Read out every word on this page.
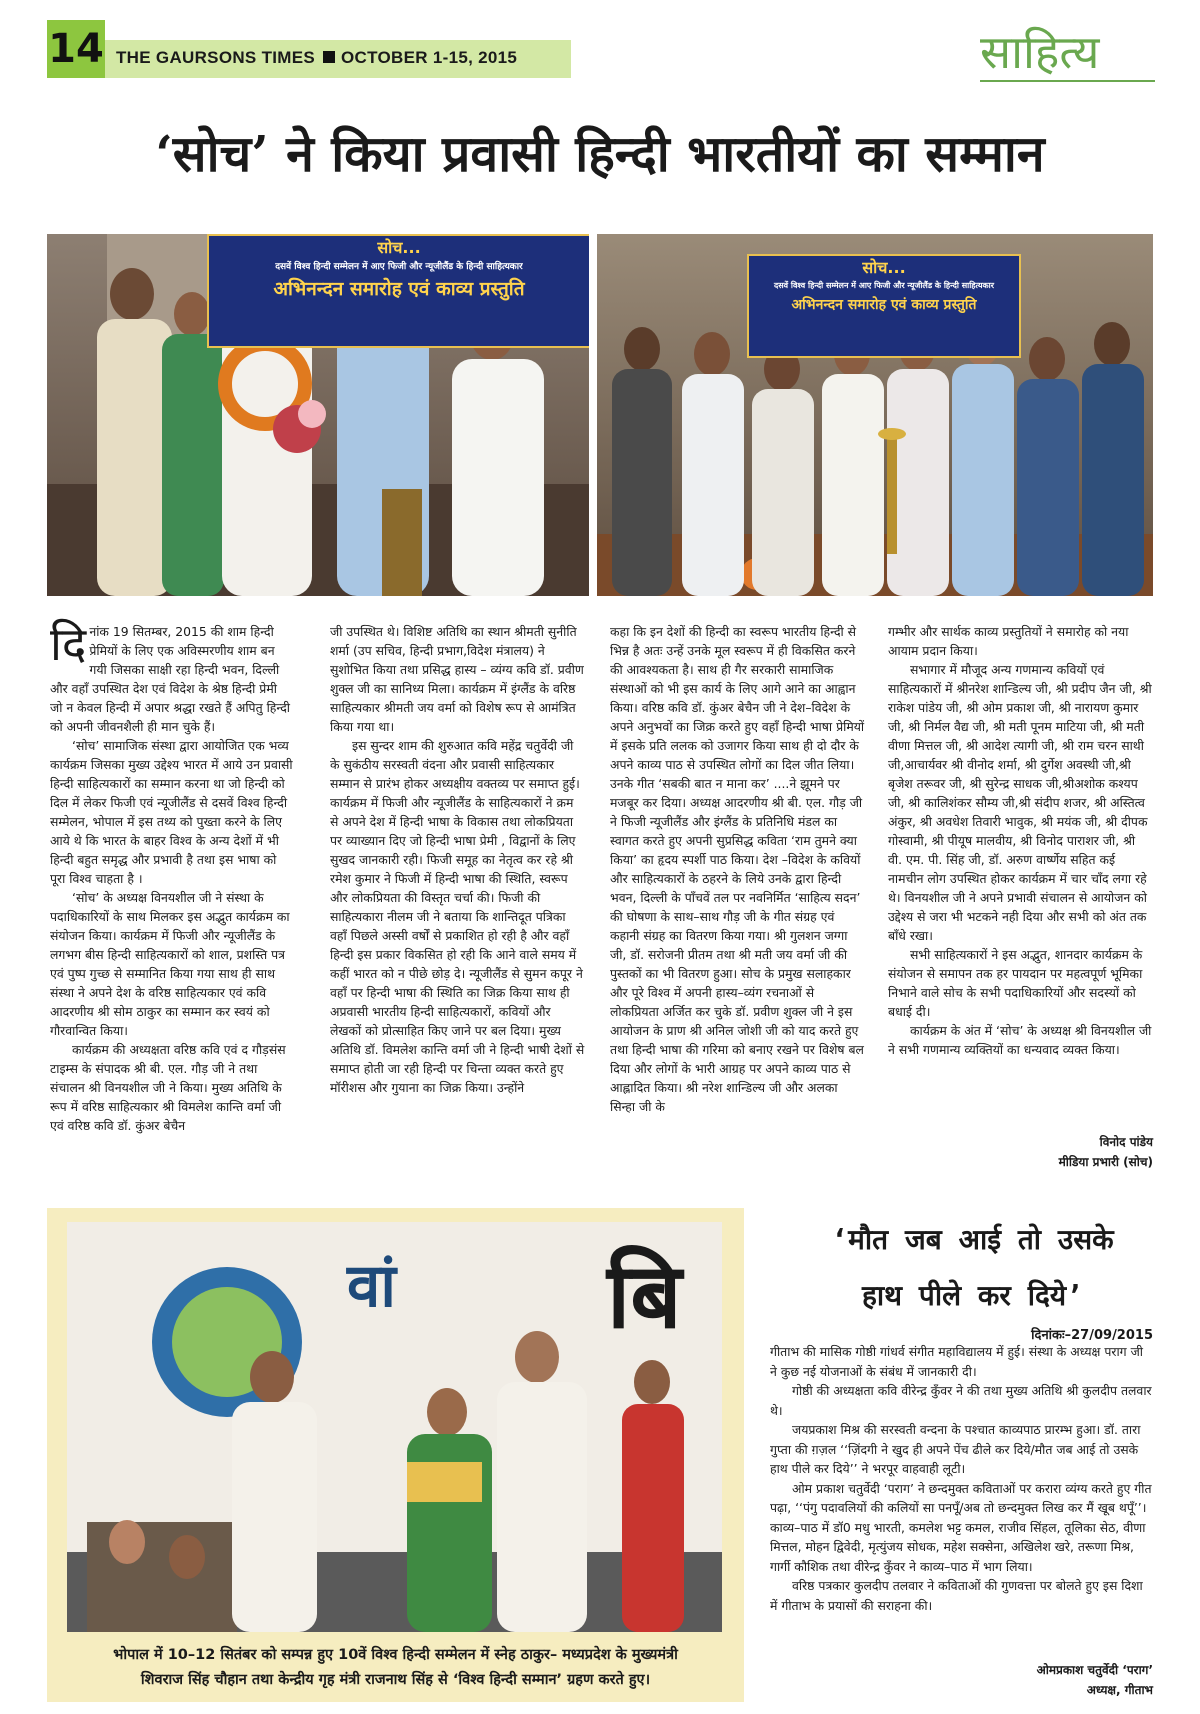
14 THE GAURSONS TIMES OCTOBER 1-15, 2015	साहित्य
‘सोच’ ने किया प्रवासी हिन्दी भारतीयों का सम्मान
सोच...
दसवें विश्व हिन्दी सम्मेलन में आए फिजी और न्यूजीलैंड के हिन्दी साहित्यकार
अभिनन्दन समारोह एवं काव्य प्रस्तुति
सोच...
दसवें विश्व हिन्दी सम्मेलन में आए फिजी और न्यूजीलैंड के हिन्दी साहित्यकार
अभिनन्दन समारोह एवं काव्य प्रस्तुति
दि नांक 19 सितम्बर, 2015 की शाम हिन्दी प्रेमियों के लिए एक अविस्मरणीय शाम बन गयी जिसका साक्षी रहा हिन्दी भवन, दिल्ली और वहाँ उपस्थित देश एवं विदेश के श्रेष्ठ हिन्दी प्रेमी जो न केवल हिन्दी में अपार श्रद्धा रखते हैं अपितु हिन्दी को अपनी जीवनशैली ही मान चुके हैं।

‘सोच’ सामाजिक संस्था द्वारा आयोजित एक भव्य कार्यक्रम जिसका मुख्य उद्देश्य भारत में आये उन प्रवासी हिन्दी साहित्यकारों का सम्मान करना था जो हिन्दी को दिल में लेकर फिजी एवं न्यूजीलैंड से दसवें विश्व हिन्दी सम्मेलन, भोपाल में इस तथ्य को पुख्ता करने के लिए आये थे कि भारत के बाहर विश्व के अन्य देशों में भी हिन्दी बहुत समृद्ध और प्रभावी है तथा इस भाषा को पूरा विश्व चाहता है ।

‘सोच’ के अध्यक्ष विनयशील जी ने संस्था के पदाधिकारियों के साथ मिलकर इस अद्भुत कार्यक्रम का संयोजन किया। कार्यक्रम में फिजी और न्यूजीलैंड के लगभग बीस हिन्दी साहित्यकारों को शाल, प्रशस्ति पत्र एवं पुष्प गुच्छ से सम्मानित किया गया साथ ही साथ संस्था ने अपने देश के वरिष्ठ साहित्यकार एवं कवि आदरणीय श्री सोम ठाकुर का सम्मान कर स्वयं को गौरवान्वित किया।

कार्यक्रम की अध्यक्षता वरिष्ठ कवि एवं द गौड़संस टाइम्स के संपादक श्री बी. एल. गौड़ जी ने तथा संचालन श्री विनयशील जी ने किया। मुख्य अतिथि के रूप में वरिष्ठ साहित्यकार श्री विमलेश कान्ति वर्मा जी एवं वरिष्ठ कवि डॉ. कुंअर बेचैन

जी उपस्थित थे। विशिष्ट अतिथि का स्थान श्रीमती सुनीति शर्मा (उप सचिव, हिन्दी प्रभाग,विदेश मंत्रालय) ने सुशोभित किया तथा प्रसिद्ध हास्य – व्यंग्य कवि डॉ. प्रवीण शुक्ल जी का सानिध्य मिला। कार्यक्रम में इंग्लैंड के वरिष्ठ साहित्यकार श्रीमती जय वर्मा को विशेष रूप से आमंत्रित किया गया था।

इस सुन्दर शाम की शुरुआत कवि महेंद्र चतुर्वेदी जी के सुकंठीय सरस्वती वंदना और प्रवासी साहित्यकार सम्मान से प्रारंभ होकर अध्यक्षीय वक्तव्य पर समाप्त हुई। कार्यक्रम में फिजी और न्यूजीलैंड के साहित्यकारों ने क्रम से अपने देश में हिन्दी भाषा के विकास तथा लोकप्रियता पर व्याख्यान दिए जो हिन्दी भाषा प्रेमी , विद्वानों के लिए सुखद जानकारी रही। फिजी समूह का नेतृत्व कर रहे श्री रमेश कुमार ने फिजी में हिन्दी भाषा की स्थिति, स्वरूप और लोकप्रियता की विस्तृत चर्चा की। फिजी की साहित्यकारा नीलम जी ने बताया कि शान्तिदूत पत्रिका वहाँ पिछले अस्सी वर्षों से प्रकाशित हो रही है और वहाँ हिन्दी इस प्रकार विकसित हो रही कि आने वाले समय में कहीं भारत को न पीछे छोड़ दे। न्यूजीलैंड से सुमन कपूर ने वहाँ पर हिन्दी भाषा की स्थिति का जिक्र किया साथ ही अप्रवासी भारतीय हिन्दी साहित्यकारों, कवियों और लेखकों को प्रोत्साहित किए जाने पर बल दिया। मुख्य अतिथि डॉ. विमलेश कान्ति वर्मा जी ने हिन्दी भाषी देशों से समाप्त होती जा रही हिन्दी पर चिन्ता व्यक्त करते हुए मॉरीशस और गुयाना का जिक्र किया। उन्होंने

कहा कि इन देशों की हिन्दी का स्वरूप भारतीय हिन्दी से भिन्न है अतः उन्हें उनके मूल स्वरूप में ही विकसित करने की आवश्यकता है। साथ ही गैर सरकारी सामाजिक संस्थाओं को भी इस कार्य के लिए आगे आने का आह्वान किया। वरिष्ठ कवि डॉ. कुंअर बेचैन जी ने देश–विदेश के अपने अनुभवों का जिक्र करते हुए वहाँ हिन्दी भाषा प्रेमियों में इसके प्रति ललक को उजागर किया साथ ही दो दौर के अपने काव्य पाठ से उपस्थित लोगों का दिल जीत लिया। उनके गीत ‘सबकी बात न माना कर’ ....ने झूमने पर मजबूर कर दिया। अध्यक्ष आदरणीय श्री बी. एल. गौड़ जी ने फिजी न्यूजीलैंड और इंग्लैंड के प्रतिनिधि मंडल का स्वागत करते हुए अपनी सुप्रसिद्ध कविता ‘राम तुमने क्या किया’ का हृदय स्पर्शी पाठ किया। देश –विदेश के कवियों और साहित्यकारों के ठहरने के लिये उनके द्वारा हिन्दी भवन, दिल्ली के पाँचवें तल पर नवनिर्मित ‘साहित्य सदन’ की घोषणा के साथ–साथ गौड़ जी के गीत संग्रह एवं कहानी संग्रह का वितरण किया गया। श्री गुलशन जग्गा जी, डॉ. सरोजनी प्रीतम तथा श्री मती जय वर्मा जी की पुस्तकों का भी वितरण हुआ। सोच के प्रमुख सलाहकार और पूरे विश्व में अपनी हास्य–व्यंग रचनाओं से लोकप्रियता अर्जित कर चुके डॉ. प्रवीण शुक्ल जी ने इस आयोजन के प्राण श्री अनिल जोशी जी को याद करते हुए तथा हिन्दी भाषा की गरिमा को बनाए रखने पर विशेष बल दिया और लोगों के भारी आग्रह पर अपने काव्य पाठ से आह्लादित किया। श्री नरेश शान्डिल्य जी और अलका सिन्हा जी के

गम्भीर और सार्थक काव्य प्रस्तुतियों ने समारोह को नया आयाम प्रदान किया।

सभागार में मौजूद अन्य गणमान्य कवियों एवं साहित्यकारों में श्रीनरेश शान्डिल्य जी, श्री प्रदीप जैन जी, श्री राकेश पांडेय जी, श्री ओम प्रकाश जी, श्री नारायण कुमार जी, श्री निर्मल वैद्य जी, श्री मती पूनम माटिया जी, श्री मती वीणा मित्तल जी, श्री आदेश त्यागी जी, श्री राम चरन साथी जी,आचार्यवर श्री वीनोद शर्मा, श्री दुर्गेश अवस्थी जी,श्री बृजेश तरूवर जी, श्री सुरेन्द्र साधक जी,श्रीअशोक कश्यप जी, श्री कालिशंकर सौम्य जी,श्री संदीप शजर, श्री अस्तित्व अंकुर, श्री अवधेश तिवारी भावुक, श्री मयंक जी, श्री दीपक गोस्वामी, श्री पीयूष मालवीय, श्री विनोद पाराशर जी, श्री वी. एम. पी. सिंह जी, डॉ. अरुण वार्ष्णेय सहित कई नामचीन लोग उपस्थित होकर कार्यक्रम में चार चाँद लगा रहे थे। विनयशील जी ने अपने प्रभावी संचालन से आयोजन को उद्देश्य से जरा भी भटकने नही दिया और सभी को अंत तक बाँधे रखा।

सभी साहित्यकारों ने इस अद्भुत, शानदार कार्यक्रम के संयोजन से समापन तक हर पायदान पर महत्वपूर्ण भूमिका निभाने वाले सोच के सभी पदाधिकारियों और सदस्यों को बधाई दी।

कार्यक्रम के अंत में ‘सोच’ के अध्यक्ष श्री विनयशील जी ने सभी गणमान्य व्यक्तियों का धन्यवाद व्यक्त किया।

विनोद पांडेय
मीडिया प्रभारी (सोच)
वां बि
भोपाल में 10–12 सितंबर को सम्पन्न हुए 10वें विश्व हिन्दी सम्मेलन में स्नेह ठाकुर– मध्यप्रदेश के मुख्यमंत्री
शिवराज सिंह चौहान तथा केन्द्रीय गृह मंत्री राजनाथ सिंह से ‘विश्व हिन्दी सम्मान’ ग्रहण करते हुए।
‘मौत जब आई तो उसके
हाथ पीले कर दिये’
दिनांकः–27/09/2015

गीताभ की मासिक गोष्ठी गांधर्व संगीत महाविद्यालय में हुई। संस्था के अध्यक्ष पराग जी ने कुछ नई योजनाओं के संबंध में जानकारी दी।

गोष्ठी की अध्यक्षता कवि वीरेन्द्र कुँवर ने की तथा मुख्य अतिथि श्री कुलदीप तलवार थे।

जयप्रकाश मिश्र की सरस्वती वन्दना के पश्चात काव्यपाठ प्रारम्भ हुआ। डॉ. तारा गुप्ता की ग़ज़ल ‘‘ज़िंदगी ने खुद ही अपने पेंच ढीले कर दिये/मौत जब आई तो उसके हाथ पीले कर दिये’’ ने भरपूर वाहवाही लूटी।

ओम प्रकाश चतुर्वेदी ‘पराग’ ने छन्दमुक्त कविताओं पर करारा व्यंग्य करते हुए गीत पढ़ा, ‘‘पंगु पदावलियों की कलियों सा पनपूँ/अब तो छन्दमुक्त लिख कर मैं खूब थपूँ’’। काव्य–पाठ में डॉ0 मधु भारती, कमलेश भट्ट कमल, राजीव सिंहल, तूलिका सेठ, वीणा मित्तल, मोहन द्विवेदी, मृत्युंजय सोधक, महेश सक्सेना, अखिलेश खरे, तरूणा मिश्र, गार्गी कौशिक तथा वीरेन्द्र कुँवर ने काव्य–पाठ में भाग लिया।

वरिष्ठ पत्रकार कुलदीप तलवार ने कविताओं की गुणवत्ता पर बोलते हुए इस दिशा में गीताभ के प्रयासों की सराहना की।

ओमप्रकाश चतुर्वेदी ‘पराग’
अध्यक्ष, गीताभ
